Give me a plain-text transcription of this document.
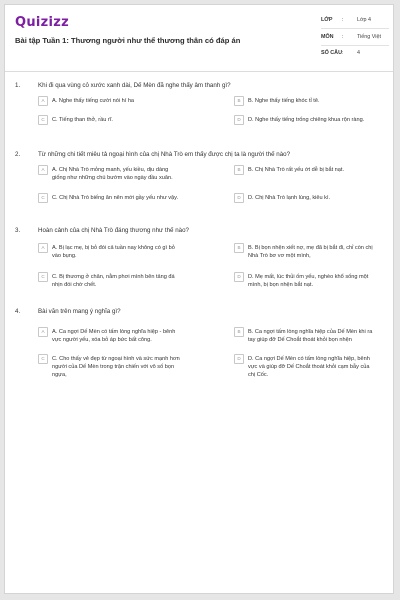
Quizizz
Bài tập Tuần 1: Thương người như thể thương thân có đáp án
LỚP :	Lớp 4
MÔN :	Tiếng Việt
SỐ CÂU :	4
1.	Khi đi qua vùng cỏ xước xanh dài, Dế Mèn đã nghe thấy âm thanh gì?
A	A. Nghe thấy tiếng cười nói hí ha	B	B. Nghe thấy tiếng khóc tỉ tê.
C	C. Tiếng than thở, rầu rĩ.	D	D. Nghe thấy tiếng trống chiêng khua rộn ràng.
2.	Từ những chi tiết miêu tả ngoại hình của chị Nhà Trò em thấy được chị ta là người thế nào?
A	A. Chị Nhà Trò mỏng manh, yếu kiều, dịu dàng
giống như những chú bướm vào ngày đầu xuân.
B	B. Chị Nhà Trò rất yếu ớt dễ bị bắt nạt.
C	C. Chị Nhà Trò biếng ăn nên mới gầy yếu như vậy.	D	D. Chị Nhà Trò lạnh lùng, kiêu kì.
3.	Hoàn cảnh của chị Nhà Trò đáng thương như thế nào?
A	A. Bị lạc mẹ, bị bỏ đói cả tuần nay không có gì bỏ
vào bụng.
B	B. Bị bọn nhện xiết nợ, mẹ đã bị bắt đi, chỉ còn chị
Nhà Trò bơ vơ một mình,
C	C. Bị thương ở chân, nằm phơi mình bên tảng đá
nhịn đói chờ chết.
D	D. Mẹ mất, lúc thủi ốm yếu, nghèo khổ sống một
mình, bị bọn nhện bắt nạt.
4.	Bài văn trên mang ý nghĩa gì?
A	A. Ca ngợi Dế Mèn có tấm lòng nghĩa hiệp - bênh
vực người yếu, xóa bỏ áp bức bất công.
B	B. Ca ngợi tấm lòng nghĩa hiệp của Dế Mèn khi ra
tay giúp đỡ Dế Choắt thoát khỏi bọn nhện
C	C. Cho thấy vẻ đẹp từ ngoại hình và sức mạnh hơn
người của Dế Mèn trong trận chiến với vô số bọn
ngựa,
D	D. Ca ngợi Dế Mèn có tấm lòng nghĩa hiệp, bênh
vực và giúp đỡ Dế Choắt thoát khỏi cạm bẫy của
chị Cốc.
